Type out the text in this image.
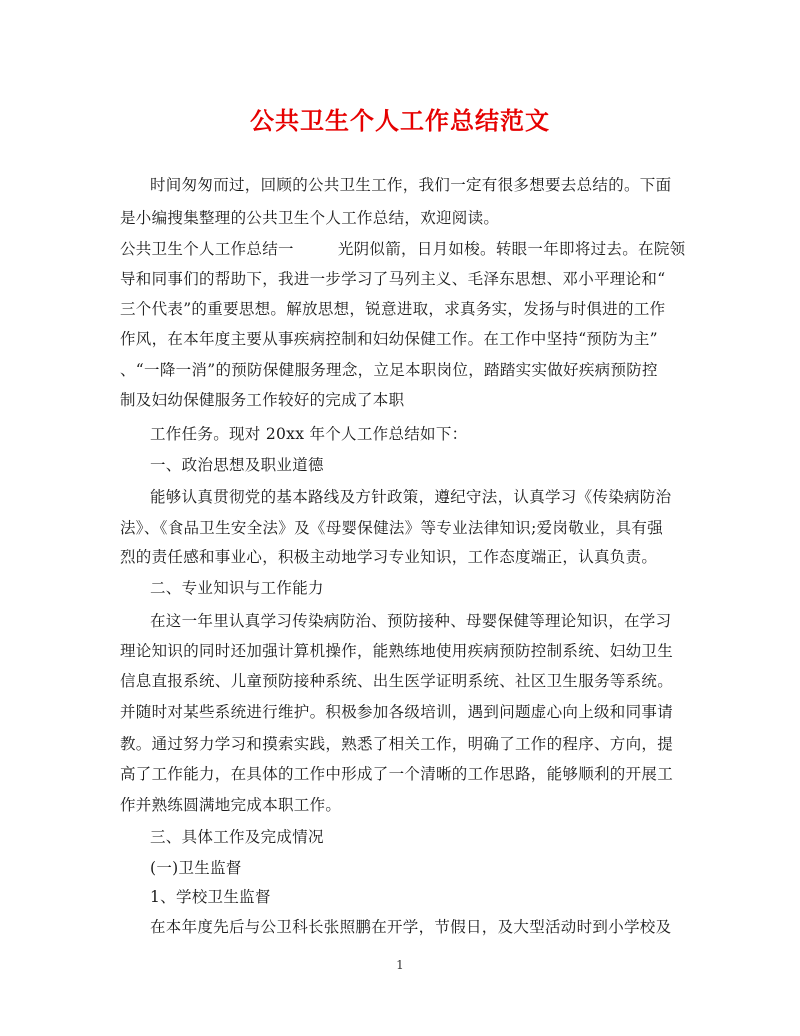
公共卫生个人工作总结范文
时间匆匆而过，回顾的公共卫生工作，我们一定有很多想要去总结的。下面
是小编搜集整理的公共卫生个人工作总结，欢迎阅读。
公共卫生个人工作总结一	光阴似箭，日月如梭。转眼一年即将过去。在院领
导和同事们的帮助下，我进一步学习了马列主义、毛泽东思想、邓小平理论和“
三个代表”的重要思想。解放思想，锐意进取，求真务实，发扬与时俱进的工作
作风，在本年度主要从事疾病控制和妇幼保健工作。在工作中坚持“预防为主”
、“一降一消”的预防保健服务理念，立足本职岗位，踏踏实实做好疾病预防控
制及妇幼保健服务工作较好的完成了本职
工作任务。现对 20xx 年个人工作总结如下：
一、政治思想及职业道德
能够认真贯彻党的基本路线及方针政策，遵纪守法，认真学习《传染病防治
法》、《食品卫生安全法》及《母婴保健法》等专业法律知识;爱岗敬业，具有强
烈的责任感和事业心，积极主动地学习专业知识，工作态度端正，认真负责。
二、专业知识与工作能力
在这一年里认真学习传染病防治、预防接种、母婴保健等理论知识，在学习
理论知识的同时还加强计算机操作，能熟练地使用疾病预防控制系统、妇幼卫生
信息直报系统、儿童预防接种系统、出生医学证明系统、社区卫生服务等系统。
并随时对某些系统进行维护。积极参加各级培训，遇到问题虚心向上级和同事请
教。通过努力学习和摸索实践，熟悉了相关工作，明确了工作的程序、方向，提
高了工作能力，在具体的工作中形成了一个清晰的工作思路，能够顺利的开展工
作并熟练圆满地完成本职工作。
三、具体工作及完成情况
(一)卫生监督
1、学校卫生监督
在本年度先后与公卫科长张照鹏在开学，节假日，及大型活动时到小学校及
1
